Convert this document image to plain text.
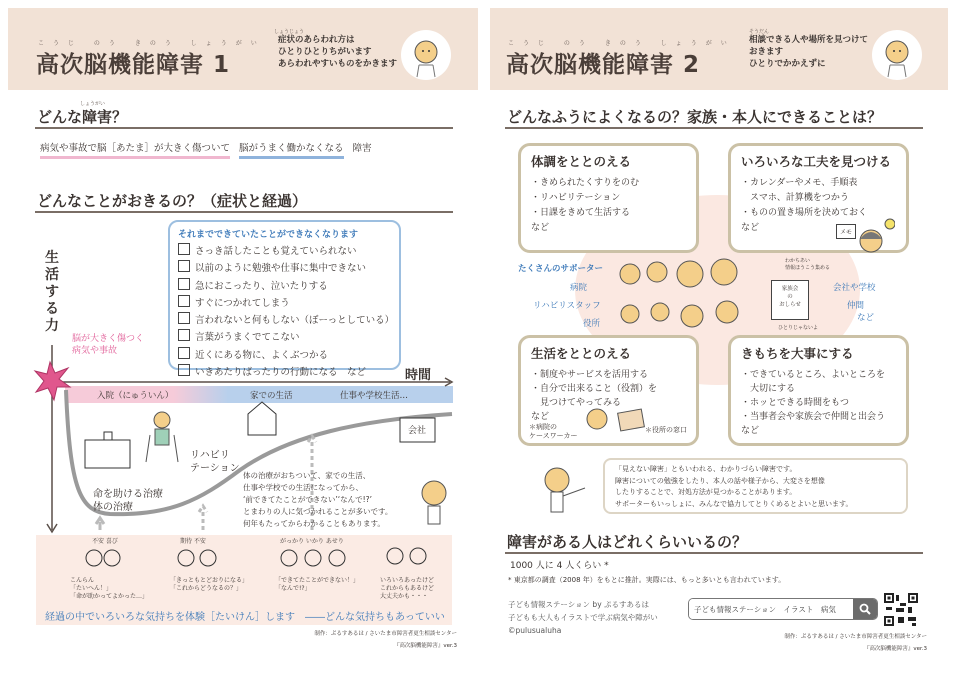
こうじ のう きのう しょうがい
高次脳機能障害 1
しょうじょう
症状のあらわれ方は
ひとりひとりちがいます
あらわれやすいものをかきます
しょうがい
どんな障害？
病気や事故で脳［あたま］が大きく傷ついて 脳がうまく働かなくなる 障害
どんなことがおきるの？（症状と経過）
それまでできていたことができなくなります
さっき話したことも覚えていられない
以前のように勉強や仕事に集中できない
急におこったり、泣いたりする
すぐにつかれてしまう
言われないと何もしない（ぼーっとしている）
言葉がうまくでてこない
近くにある物に、よくぶつかる
いきあたりばったりの行動になる　など
生活する力
脳が大きく傷つく
病気や事故
時間
入院（にゅういん）	家での生活	仕事や学校生活…
会社
リハビリ
テーション
命を助ける治療
体の治療
体の治療がおちついて、家での生活、
仕事や学校での生活になってから、
‘前できてたことができない’‘なんで!?’
とまわりの人に気づかれることが多いです。
何年もたってからわかることもあります。
不安 喜び
こんらん
「たいへん！」
「命が助かってよかった…」
期待 不安
「きっともとどおりになる」
「これからどうなるの？」
がっかり いかり あせり
「できてたことができない！」
「なんで!?」
いろいろあったけど
これからもあるけど
大丈夫かも・・・
経過の中でいろいろな気持ちを体験［たいけん］します　――どんな気持ちもあっていい
制作：ぷるすあるは / さいたま市障害者更生相談センター
『高次脳機能障害』ver.3
こうじ のう きのう しょうがい
高次脳機能障害 2
そうだん
相談できる人や場所を見つけて
おきます
ひとりでかかえずに
どんなふうによくなるの？家族・本人にできることは？
体調をととのえる
・きめられたくすりをのむ
・リハビリテーション
・日課をきめて生活する
など
いろいろな工夫を見つける
・カレンダーやメモ、手順表
　スマホ、計算機をつかう
・ものの置き場所を決めておく
など	メモ
たくさんのサポーター
病院
リハビリスタッフ
役所
会社や学校
仲間
など
わかちあい
情報ほうこう集める
家族会
の
おしらせ
ひとりじゃないよ
生活をととのえる
・制度やサービスを活用する
・自分で出来ること（役割）を
　見つけてやってみる
など
＊病院の
ケースワーカー
＊役所の窓口
きもちを大事にする
・できているところ、よいところを
　大切にする
・ホッとできる時間をもつ
・当事者会や家族会で仲間と出会う
など
「見えない障害」ともいわれる、わかりづらい障害です。
障害についての勉強をしたり、本人の話や様子から、大変さを想像
したりすることで、対処方法が見つかることがあります。
サポーターもいっしょに、みんなで協力してとりくめるとよいと思います。
障害がある人はどれくらいいるの？
1000 人に 4 人くらい *
* 東京都の調査（2008 年）をもとに推計。実際には、もっと多いとも言われています。
子ども情報ステーション by ぷるすあるは
子どもも大人もイラストで学ぶ病気や障がい
©pulusualuha
子ども情報ステーション　イラスト　病気
制作：ぷるすあるは / さいたま市障害者更生相談センター
『高次脳機能障害』ver.3
